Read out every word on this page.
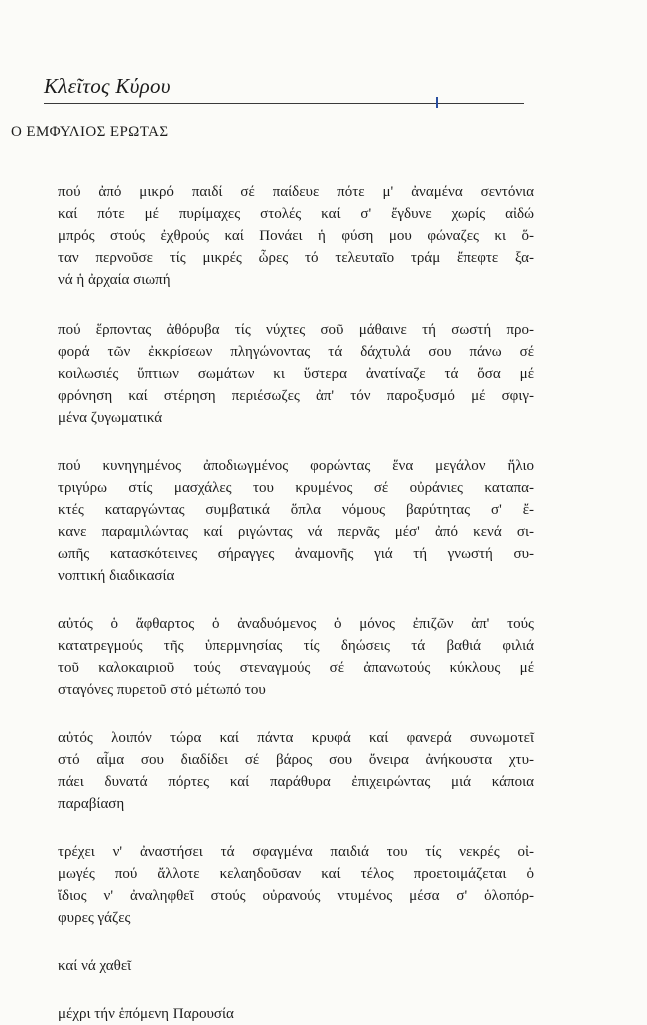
Κλεῖτος Κύρου
Ο ΕΜΦΥΛΙΟΣ ΕΡΩΤΑΣ
πού ἀπό μικρό παιδί σέ παίδευε πότε μ' ἀναμένα σεντόνια
καί πότε μέ πυρίμαχες στολές καί σ' ἔγδυνε χωρίς αἰδώ
μπρός στούς ἐχθρούς καί Πονάει ἡ φύση μου φώναζες κι ὅ-
ταν περνοῦσε τίς μικρές ὧρες τό τελευταῖο τράμ ἔπεφτε ξα-
νά ἡ ἀρχαία σιωπή
πού ἕρποντας ἀθόρυβα τίς νύχτες σοῦ μάθαινε τή σωστή προ-
φορά τῶν ἐκκρίσεων πληγώνοντας τά δάχτυλά σου πάνω σέ
κοιλωσιές ὕπτιων σωμάτων κι ὕστερα ἀνατίναζε τά ὅσα μέ
φρόνηση καί στέρηση περιέσωζες ἀπ' τόν παροξυσμό μέ σφιγ-
μένα ζυγωματικά
πού κυνηγημένος ἀποδιωγμένος φορώντας ἕνα μεγάλον ἥλιο
τριγύρω στίς μασχάλες του κρυμένος σέ οὐράνιες καταπα-
κτές καταργώντας συμβατικά ὅπλα νόμους βαρύτητας σ' ἔ-
κανε παραμιλώντας καί ριγώντας νά περνᾶς μέσ' ἀπό κενά σι-
ωπῆς κατασκότεινες σήραγγες ἀναμονῆς γιά τή γνωστή συ-
νοπτική διαδικασία
αὐτός ὁ ἄφθαρτος ὁ ἀναδυόμενος ὁ μόνος ἐπιζῶν ἀπ' τούς
κατατρεγμούς τῆς ὑπερμνησίας τίς δηώσεις τά βαθιά φιλιά
τοῦ καλοκαιριοῦ τούς στεναγμούς σέ ἀπανωτούς κύκλους μέ
σταγόνες πυρετοῦ στό μέτωπό του
αὐτός λοιπόν τώρα καί πάντα κρυφά καί φανερά συνωμοτεῖ
στό αἷμα σου διαδίδει σέ βάρος σου ὄνειρα ἀνήκουστα χτυ-
πάει δυνατά πόρτες καί παράθυρα ἐπιχειρώντας μιά κάποια
παραβίαση
τρέχει ν' ἀναστήσει τά σφαγμένα παιδιά του τίς νεκρές οἰ-
μωγές πού ἄλλοτε κελαηδοῦσαν καί τέλος προετοιμάζεται ὁ
ἴδιος ν' ἀναληφθεῖ στούς οὐρανούς ντυμένος μέσα σ' ὁλοπόρ-
φυρες γάζες
καί νά χαθεῖ
μέχρι τήν ἑπόμενη Παρουσία
